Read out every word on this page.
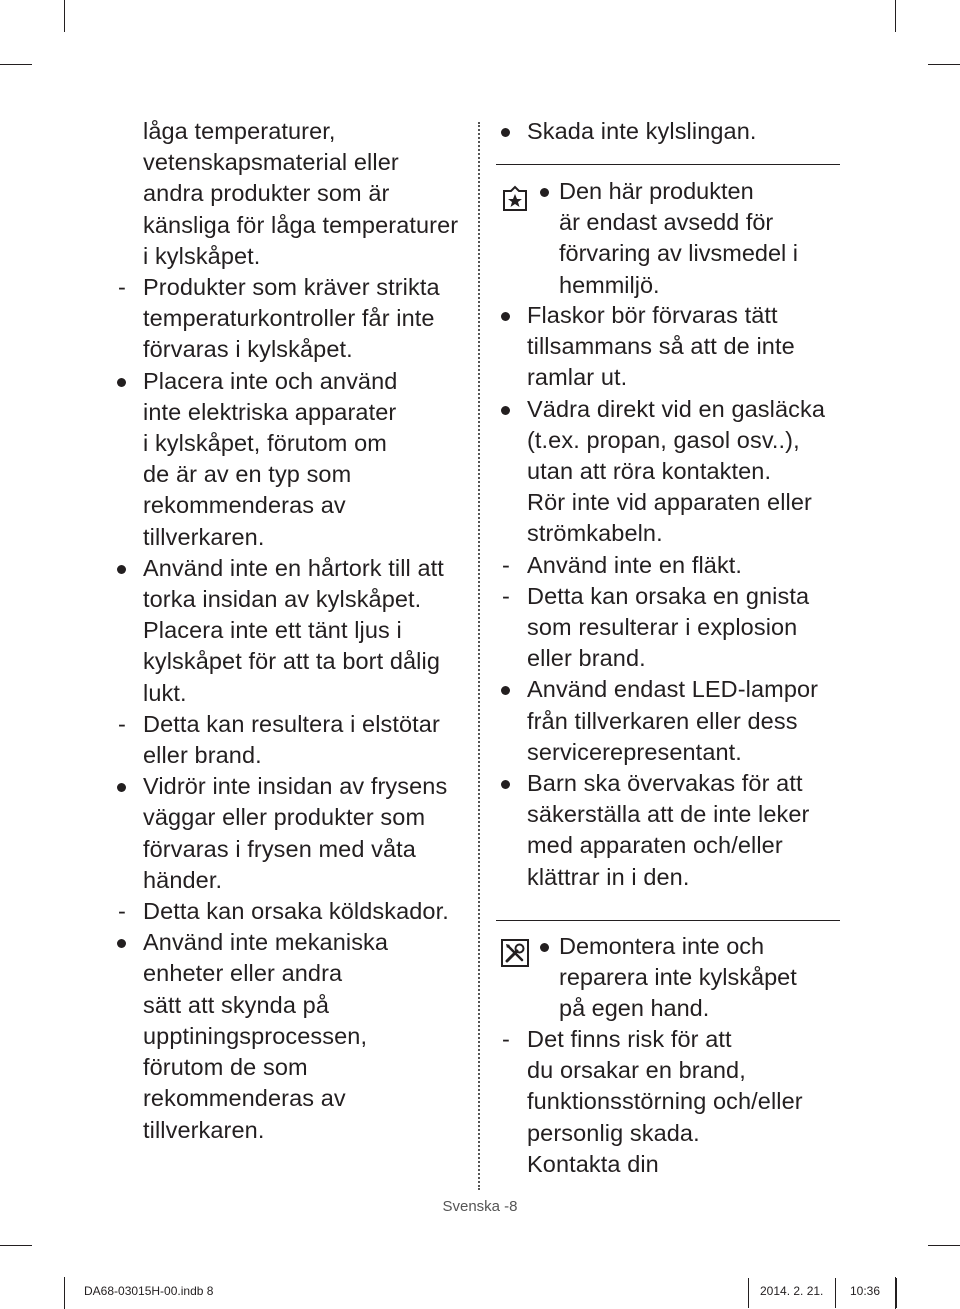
låga temperaturer,
vetenskapsmaterial eller
andra produkter som är
känsliga för låga temperaturer
i kylskåpet.
- Produkter som kräver strikta
temperaturkontroller får inte
förvaras i kylskåpet.
Placera inte och använd
inte elektriska apparater
i kylskåpet, förutom om
de är av en typ som
rekommenderas av
tillverkaren.
Använd inte en hårtork till att
torka insidan av kylskåpet.
Placera inte ett tänt ljus i
kylskåpet för att ta bort dålig
lukt.
- Detta kan resultera i elstötar
eller brand.
Vidrör inte insidan av frysens
väggar eller produkter som
förvaras i frysen med våta
händer.
- Detta kan orsaka köldskador.
Använd inte mekaniska
enheter eller andra
sätt att skynda på
upptiningsprocessen,
förutom de som
rekommenderas av
tillverkaren.
Skada inte kylslingan.
Den här produkten
är endast avsedd för
förvaring av livsmedel i
hemmiljö.
Flaskor bör förvaras tätt
tillsammans så att de inte
ramlar ut.
Vädra direkt vid en gasläcka
(t.ex. propan, gasol osv..),
utan att röra kontakten.
Rör inte vid apparaten eller
strömkabeln.
- Använd inte en fläkt.
- Detta kan orsaka en gnista
som resulterar i explosion
eller brand.
Använd endast LED-lampor
från tillverkaren eller dess
servicerepresentant.
Barn ska övervakas för att
säkerställa att de inte leker
med apparaten och/eller
klättrar in i den.
Demontera inte och
reparera inte kylskåpet
på egen hand.
- Det finns risk för att
du orsakar en brand,
funktionsstörning och/eller
personlig skada.
Kontakta din
Svenska -8
DA68-03015H-00.indb 8	2014. 2. 21. 10:36
